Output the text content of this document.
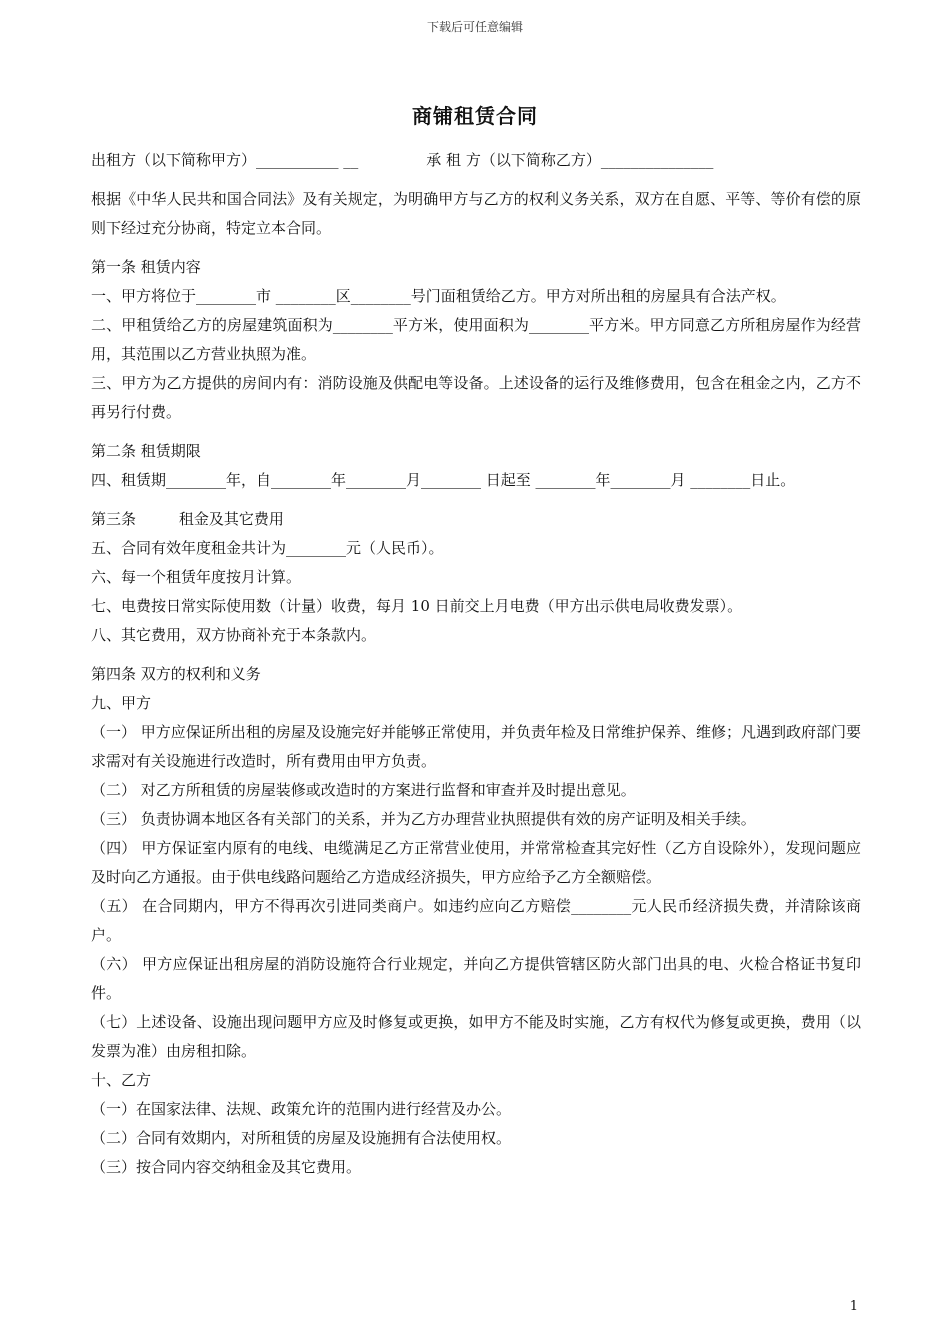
下载后可任意编辑
商铺租赁合同
出租方（以下简称甲方）___________ __	承 租 方（以下简称乙方）_______________
根据《中华人民共和国合同法》及有关规定，为明确甲方与乙方的权利义务关系，双方在自愿、平等、等价有偿的原则下经过充分协商，特定立本合同。
第一条 租赁内容
一、甲方将位于________市 ________区________号门面租赁给乙方。甲方对所出租的房屋具有合法产权。
二、甲租赁给乙方的房屋建筑面积为________平方米，使用面积为________平方米。甲方同意乙方所租房屋作为经营用，其范围以乙方营业执照为准。
三、甲方为乙方提供的房间内有：消防设施及供配电等设备。上述设备的运行及维修费用，包含在租金之内，乙方不再另行付费。
第二条 租赁期限
四、租赁期________年，自________年________月________ 日起至 ________年________月 ________日止。
第三条         租金及其它费用
五、合同有效年度租金共计为________元（人民币）。
六、每一个租赁年度按月计算。
七、电费按日常实际使用数（计量）收费，每月 10 日前交上月电费（甲方出示供电局收费发票）。
八、其它费用，双方协商补充于本条款内。
第四条 双方的权利和义务
九、甲方
（一） 甲方应保证所出租的房屋及设施完好并能够正常使用，并负责年检及日常维护保养、维修；凡遇到政府部门要求需对有关设施进行改造时，所有费用由甲方负责。
（二） 对乙方所租赁的房屋装修或改造时的方案进行监督和审查并及时提出意见。
（三） 负责协调本地区各有关部门的关系，并为乙方办理营业执照提供有效的房产证明及相关手续。
（四） 甲方保证室内原有的电线、电缆满足乙方正常营业使用，并常常检查其完好性（乙方自设除外），发现问题应及时向乙方通报。由于供电线路问题给乙方造成经济损失，甲方应给予乙方全额赔偿。
（五） 在合同期内，甲方不得再次引进同类商户。如违约应向乙方赔偿________元人民币经济损失费，并清除该商户。
（六） 甲方应保证出租房屋的消防设施符合行业规定，并向乙方提供管辖区防火部门出具的电、火检合格证书复印件。
（七）上述设备、设施出现问题甲方应及时修复或更换，如甲方不能及时实施，乙方有权代为修复或更换，费用（以发票为准）由房租扣除。
十、乙方
（一）在国家法律、法规、政策允许的范围内进行经营及办公。
（二）合同有效期内，对所租赁的房屋及设施拥有合法使用权。
（三）按合同内容交纳租金及其它费用。
1
